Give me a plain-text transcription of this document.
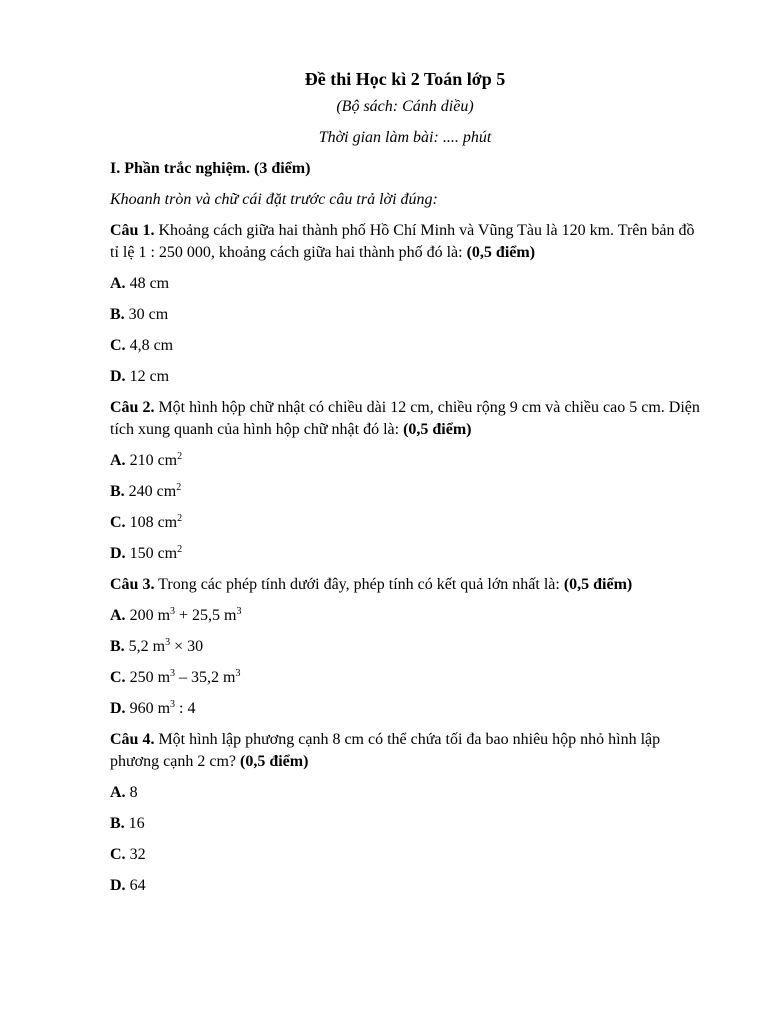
Đề thi Học kì 2 Toán lớp 5
(Bộ sách: Cánh diều)
Thời gian làm bài: .... phút
I. Phần trắc nghiệm. (3 điểm)
Khoanh tròn và chữ cái đặt trước câu trả lời đúng:
Câu 1. Khoảng cách giữa hai thành phố Hồ Chí Minh và Vũng Tàu là 120 km. Trên bản đồ tỉ lệ 1 : 250 000, khoảng cách giữa hai thành phố đó là: (0,5 điểm)
A. 48 cm
B. 30 cm
C. 4,8 cm
D. 12 cm
Câu 2. Một hình hộp chữ nhật có chiều dài 12 cm, chiều rộng 9 cm và chiều cao 5 cm. Diện tích xung quanh của hình hộp chữ nhật đó là: (0,5 điểm)
A. 210 $cm^2$
B. 240 $cm^2$
C. 108 $cm^2$
D. 150 $cm^2$
Câu 3. Trong các phép tính dưới đây, phép tính có kết quả lớn nhất là: (0,5 điểm)
A. 200 $m^3 + 25,5$ $m^3$
B. 5,2 $m^3 \times 30$
C. 250 $m^3 - 35,2$ $m^3$
D. 960 $m^3$ : 4
Câu 4. Một hình lập phương cạnh 8 cm có thể chứa tối đa bao nhiêu hộp nhỏ hình lập phương cạnh 2 cm? (0,5 điểm)
A. 8
B. 16
C. 32
D. 64
